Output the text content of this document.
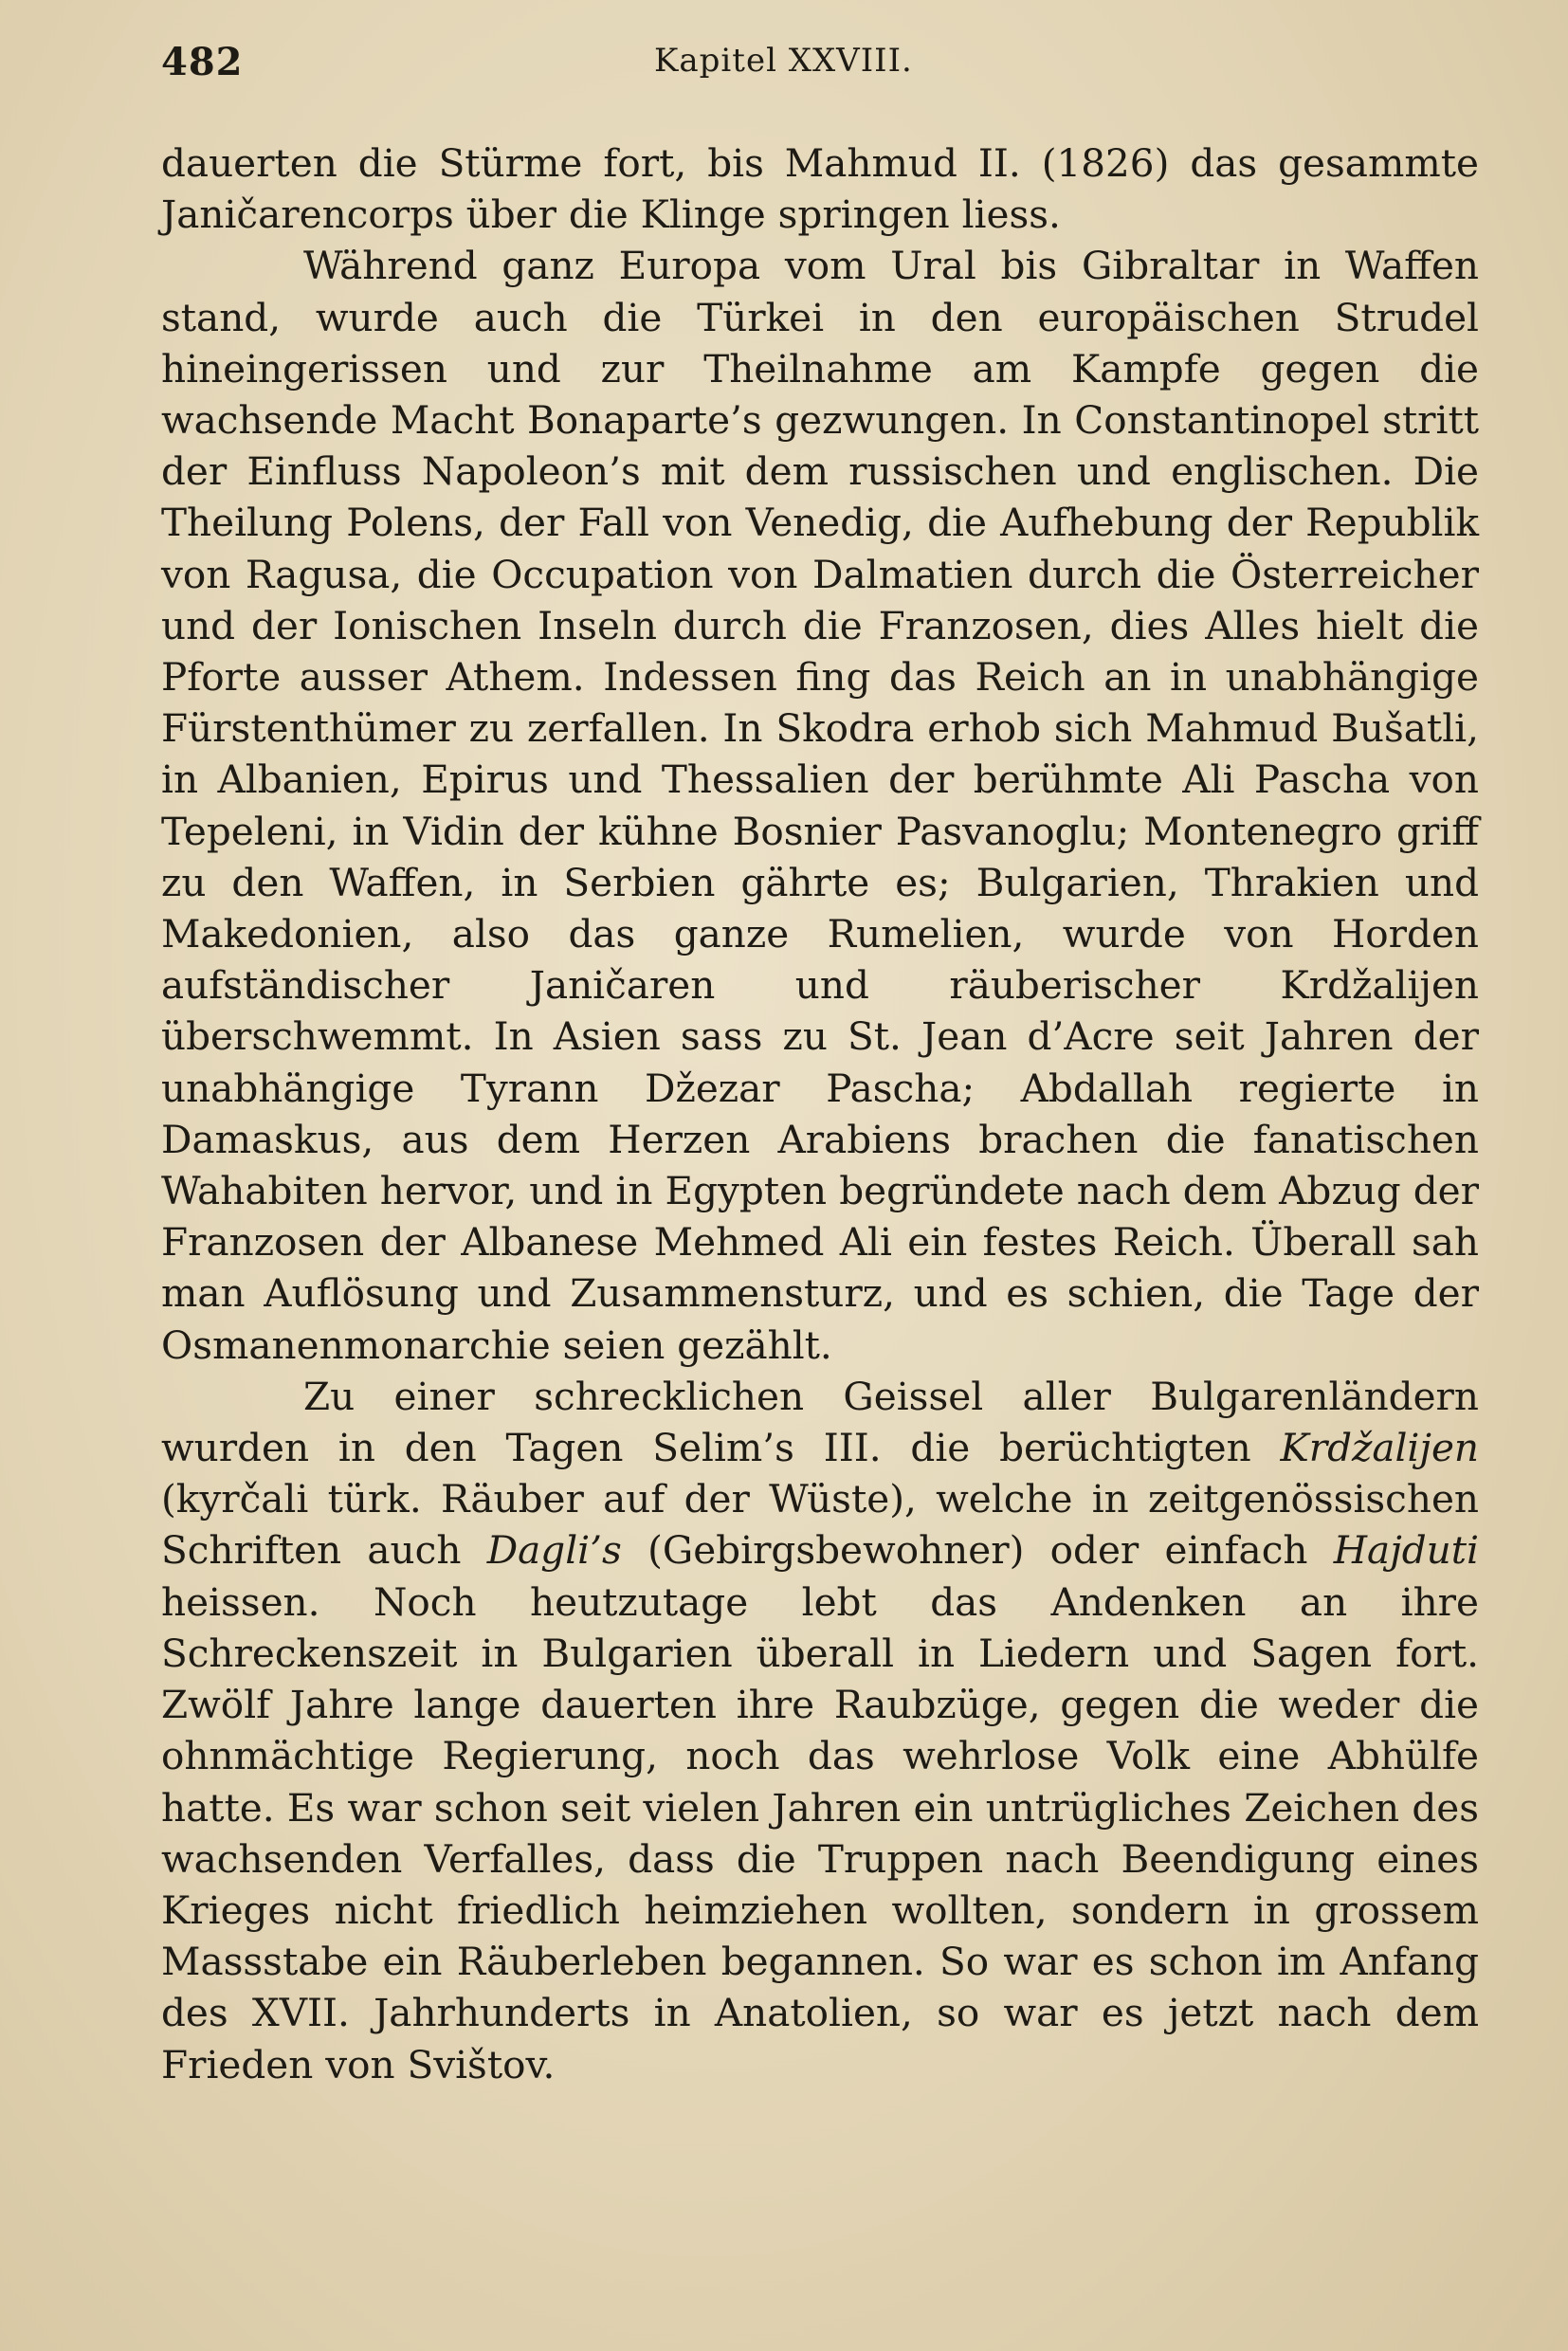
482	Kapitel XXVIII.

dauerten die Stürme fort, bis Mahmud II. (1826) das gesammte Janičarencorps über die Klinge springen liess.

Während ganz Europa vom Ural bis Gibraltar in Waffen stand, wurde auch die Türkei in den europäischen Strudel hineingerissen und zur Theilnahme am Kampfe gegen die wachsende Macht Bonaparte’s gezwungen. In Constantinopel stritt der Einfluss Napoleon’s mit dem russischen und englischen. Die Theilung Polens, der Fall von Venedig, die Aufhebung der Republik von Ragusa, die Occupation von Dalmatien durch die Österreicher und der Ionischen Inseln durch die Franzosen, dies Alles hielt die Pforte ausser Athem. Indessen fing das Reich an in unabhängige Fürstenthümer zu zerfallen. In Skodra erhob sich Mahmud Bušatli, in Albanien, Epirus und Thessalien der berühmte Ali Pascha von Tepeleni, in Vidin der kühne Bosnier Pasvanoglu; Montenegro griff zu den Waffen, in Serbien gährte es; Bulgarien, Thrakien und Makedonien, also das ganze Rumelien, wurde von Horden aufständischer Janičaren und räuberischer Krdžalijen überschwemmt. In Asien sass zu St. Jean d’Acre seit Jahren der unabhängige Tyrann Džezar Pascha; Abdallah regierte in Damaskus, aus dem Herzen Arabiens brachen die fanatischen Wahabiten hervor, und in Egypten begründete nach dem Abzug der Franzosen der Albanese Mehmed Ali ein festes Reich. Überall sah man Auflösung und Zusammensturz, und es schien, die Tage der Osmanenmonarchie seien gezählt.

Zu einer schrecklichen Geissel aller Bulgarenländern wurden in den Tagen Selim’s III. die berüchtigten Krdžalijen (kyrčali türk. Räuber auf der Wüste), welche in zeitgenössischen Schriften auch Dagli’s (Gebirgsbewohner) oder einfach Hajduti heissen. Noch heutzutage lebt das Andenken an ihre Schreckenszeit in Bulgarien überall in Liedern und Sagen fort. Zwölf Jahre lange dauerten ihre Raubzüge, gegen die weder die ohnmächtige Regierung, noch das wehrlose Volk eine Abhülfe hatte. Es war schon seit vielen Jahren ein untrügliches Zeichen des wachsenden Verfalles, dass die Truppen nach Beendigung eines Krieges nicht friedlich heimziehen wollten, sondern in grossem Massstabe ein Räuberleben begannen. So war es schon im Anfang des XVII. Jahrhunderts in Anatolien, so war es jetzt nach dem Frieden von Svištov.
